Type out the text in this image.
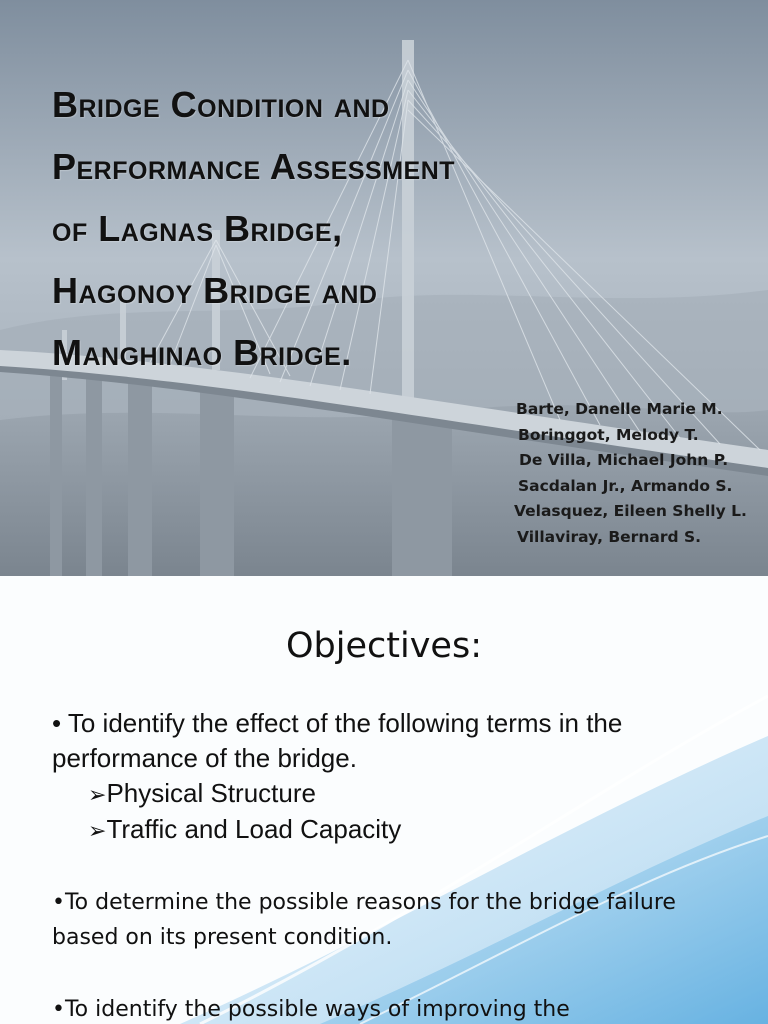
Bridge Condition and
Performance Assessment
of Lagnas Bridge,
Hagonoy Bridge and
Manghinao Bridge.
Barte, Danelle Marie M.
Boringgot, Melody T.
De Villa, Michael John P.
Sacdalan Jr., Armando S.
Velasquez, Eileen Shelly L.
Villaviray, Bernard S.
Objectives:
• To identify the effect of the following terms in the performance of the bridge.
➢Physical Structure
➢Traffic and Load Capacity
•To determine the possible reasons for the bridge failure based on its present condition.
•To identify the possible ways of improving the
